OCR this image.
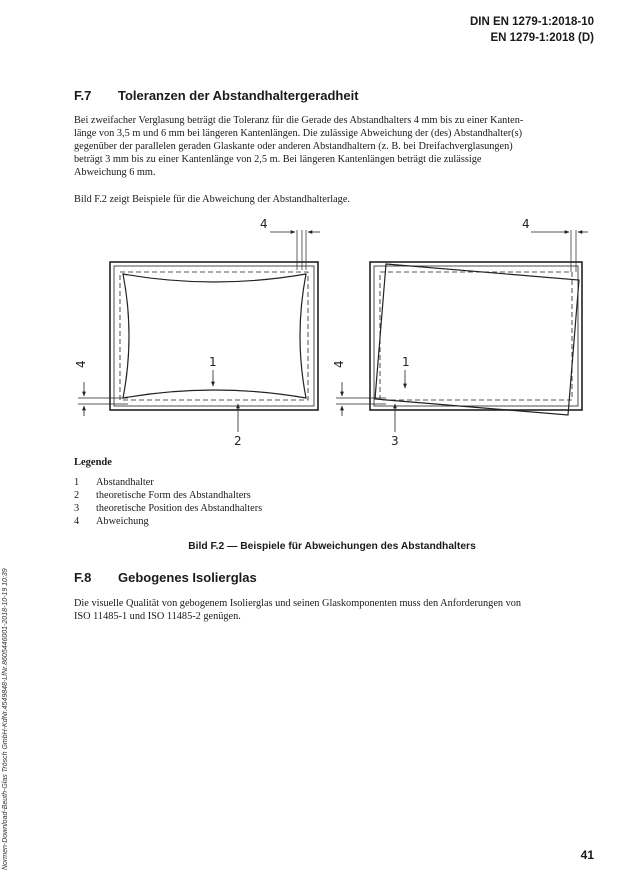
DIN EN 1279-1:2018-10
EN 1279-1:2018 (D)
Normen-Download-Beuth-Glas Trösch GmbH-KdNr.4549848-LfNr.8605446001-2018-10-19 10:39
F.7 Toleranzen der Abstandhaltergeradheit
Bei zweifacher Verglasung beträgt die Toleranz für die Gerade des Abstandhalters 4 mm bis zu einer Kanten-
länge von 3,5 m und 6 mm bei längeren Kantenlängen. Die zulässige Abweichung der (des) Abstandhalter(s)
gegenüber der parallelen geraden Glaskante oder anderen Abstandhaltern (z. B. bei Dreifachverglasungen)
beträgt 3 mm bis zu einer Kantenlänge von 2,5 m. Bei längeren Kantenlängen beträgt die zulässige
Abweichung 6 mm.
Bild F.2 zeigt Beispiele für die Abweichung der Abstandhalterlage.
4
4	1
2
4
4	1
3
Legende
1 Abstandhalter
2 theoretische Form des Abstandhalters
3 theoretische Position des Abstandhalters
4 Abweichung
Bild F.2 — Beispiele für Abweichungen des Abstandhalters
F.8 Gebogenes Isolierglas
Die visuelle Qualität von gebogenem Isolierglas und seinen Glaskomponenten muss den Anforderungen von
ISO 11485-1 und ISO 11485-2 genügen.
41
